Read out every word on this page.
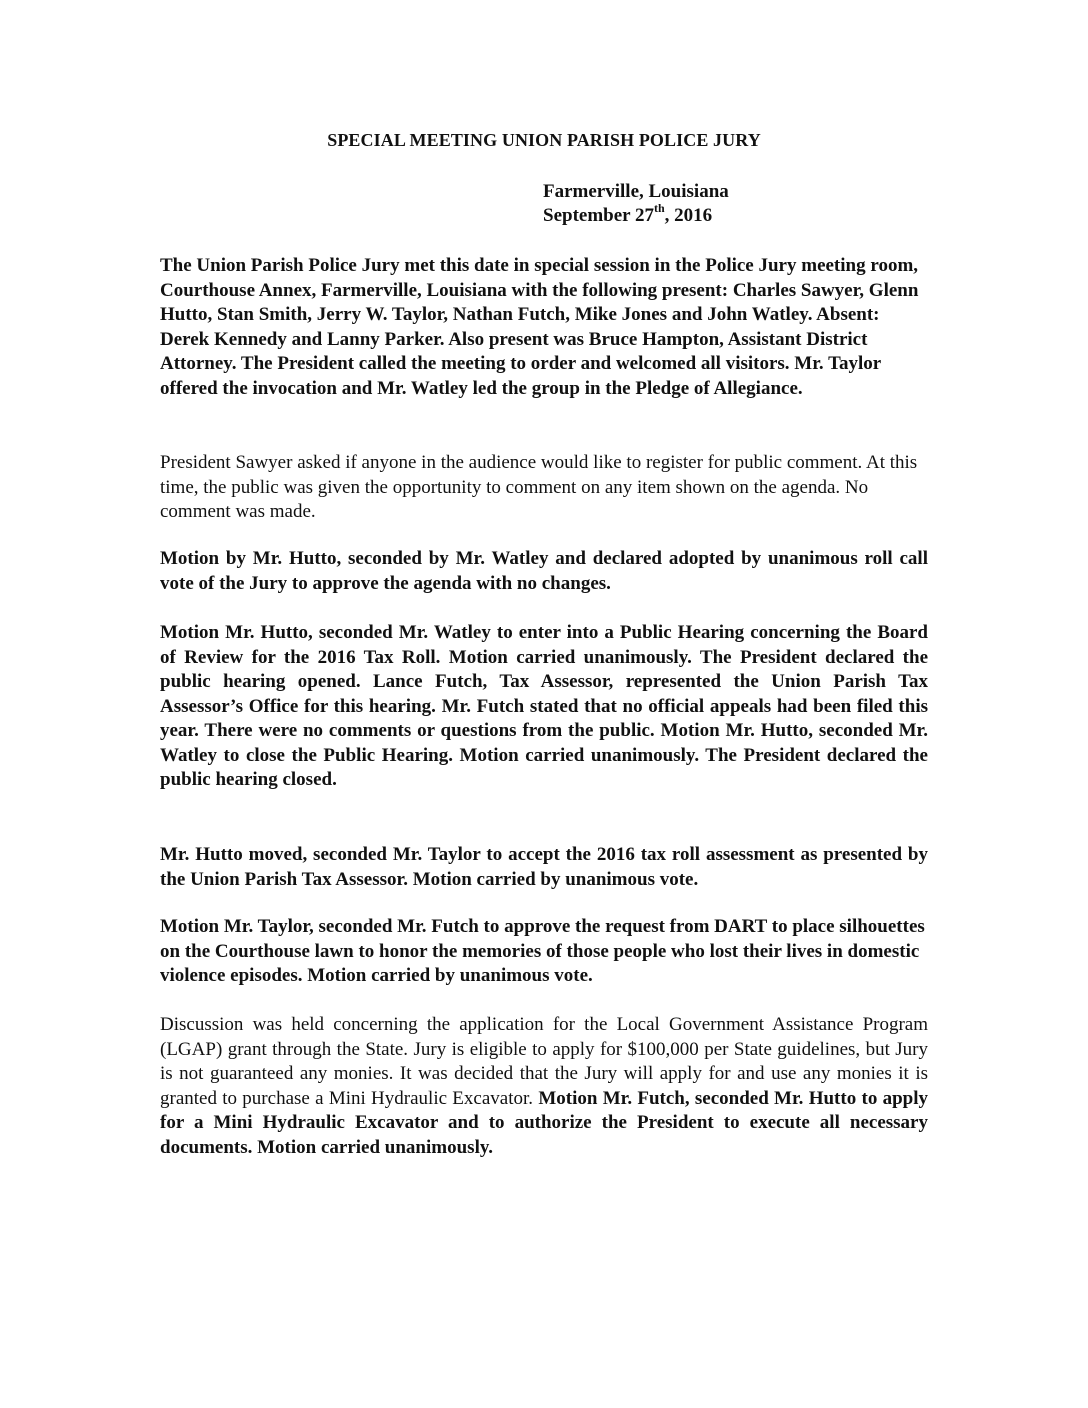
SPECIAL MEETING UNION PARISH POLICE JURY
Farmerville, Louisiana
September 27th, 2016

The Union Parish Police Jury met this date in special session in the Police Jury meeting room, Courthouse Annex, Farmerville, Louisiana with the following present: Charles Sawyer, Glenn Hutto, Stan Smith, Jerry W. Taylor, Nathan Futch, Mike Jones and John Watley. Absent: Derek Kennedy and Lanny Parker. Also present was Bruce Hampton, Assistant District Attorney. The President called the meeting to order and welcomed all visitors. Mr. Taylor offered the invocation and Mr. Watley led the group in the Pledge of Allegiance.

President Sawyer asked if anyone in the audience would like to register for public comment. At this time, the public was given the opportunity to comment on any item shown on the agenda. No comment was made.

Motion by Mr. Hutto, seconded by Mr. Watley and declared adopted by unanimous roll call vote of the Jury to approve the agenda with no changes.

Motion Mr. Hutto, seconded Mr. Watley to enter into a Public Hearing concerning the Board of Review for the 2016 Tax Roll. Motion carried unanimously. The President declared the public hearing opened. Lance Futch, Tax Assessor, represented the Union Parish Tax Assessor’s Office for this hearing. Mr. Futch stated that no official appeals had been filed this year. There were no comments or questions from the public. Motion Mr. Hutto, seconded Mr. Watley to close the Public Hearing. Motion carried unanimously. The President declared the public hearing closed.

Mr. Hutto moved, seconded Mr. Taylor to accept the 2016 tax roll assessment as presented by the Union Parish Tax Assessor. Motion carried by unanimous vote.

Motion Mr. Taylor, seconded Mr. Futch to approve the request from DART to place silhouettes on the Courthouse lawn to honor the memories of those people who lost their lives in domestic violence episodes. Motion carried by unanimous vote.

Discussion was held concerning the application for the Local Government Assistance Program (LGAP) grant through the State. Jury is eligible to apply for $100,000 per State guidelines, but Jury is not guaranteed any monies. It was decided that the Jury will apply for and use any monies it is granted to purchase a Mini Hydraulic Excavator. Motion Mr. Futch, seconded Mr. Hutto to apply for a Mini Hydraulic Excavator and to authorize the President to execute all necessary documents. Motion carried unanimously.
